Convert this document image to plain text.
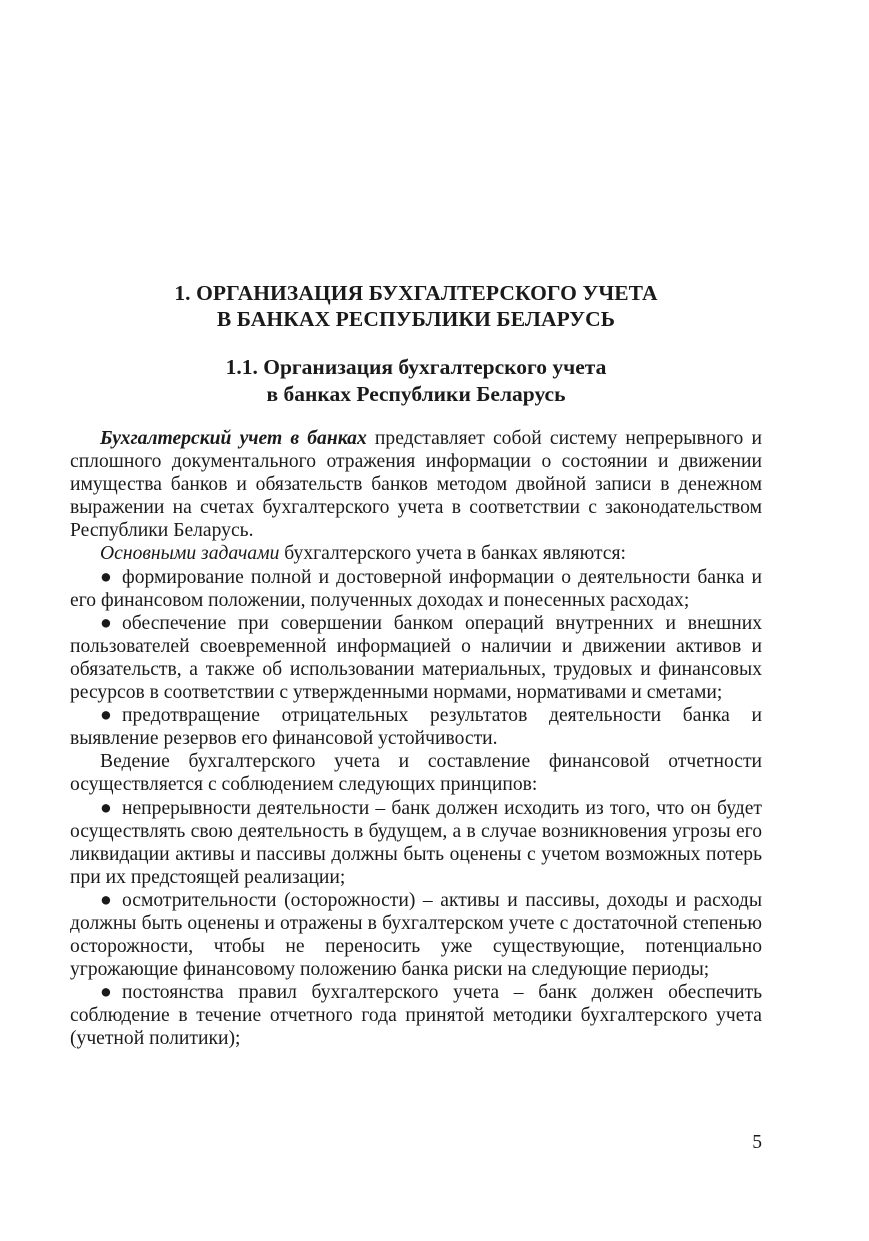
1. ОРГАНИЗАЦИЯ БУХГАЛТЕРСКОГО УЧЕТА
В БАНКАХ РЕСПУБЛИКИ БЕЛАРУСЬ
1.1. Организация бухгалтерского учета
в банках Республики Беларусь

Бухгалтерский учет в банках представляет собой систему непрерывного и сплошного документального отражения информации о состоянии и движении имущества банков и обязательств банков методом двойной записи в денежном выражении на счетах бухгалтерского учета в соответствии с законодательством Республики Беларусь.

Основными задачами бухгалтерского учета в банках являются:

● формирование полной и достоверной информации о деятельности банка и его финансовом положении, полученных доходах и понесенных расходах;

● обеспечение при совершении банком операций внутренних и внешних пользователей своевременной информацией о наличии и движении активов и обязательств, а также об использовании материальных, трудовых и финансовых ресурсов в соответствии с утвержденными нормами, нормативами и сметами;

● предотвращение отрицательных результатов деятельности банка и выявление резервов его финансовой устойчивости.

Ведение бухгалтерского учета и составление финансовой отчетности осуществляется с соблюдением следующих принципов:

● непрерывности деятельности – банк должен исходить из того, что он будет осуществлять свою деятельность в будущем, а в случае возникновения угрозы его ликвидации активы и пассивы должны быть оценены с учетом возможных потерь при их предстоящей реализации;

● осмотрительности (осторожности) – активы и пассивы, доходы и расходы должны быть оценены и отражены в бухгалтерском учете с достаточной степенью осторожности, чтобы не переносить уже существующие, потенциально угрожающие финансовому положению банка риски на следующие периоды;

● постоянства правил бухгалтерского учета – банк должен обеспечить соблюдение в течение отчетного года принятой методики бухгалтерского учета (учетной политики);

5
